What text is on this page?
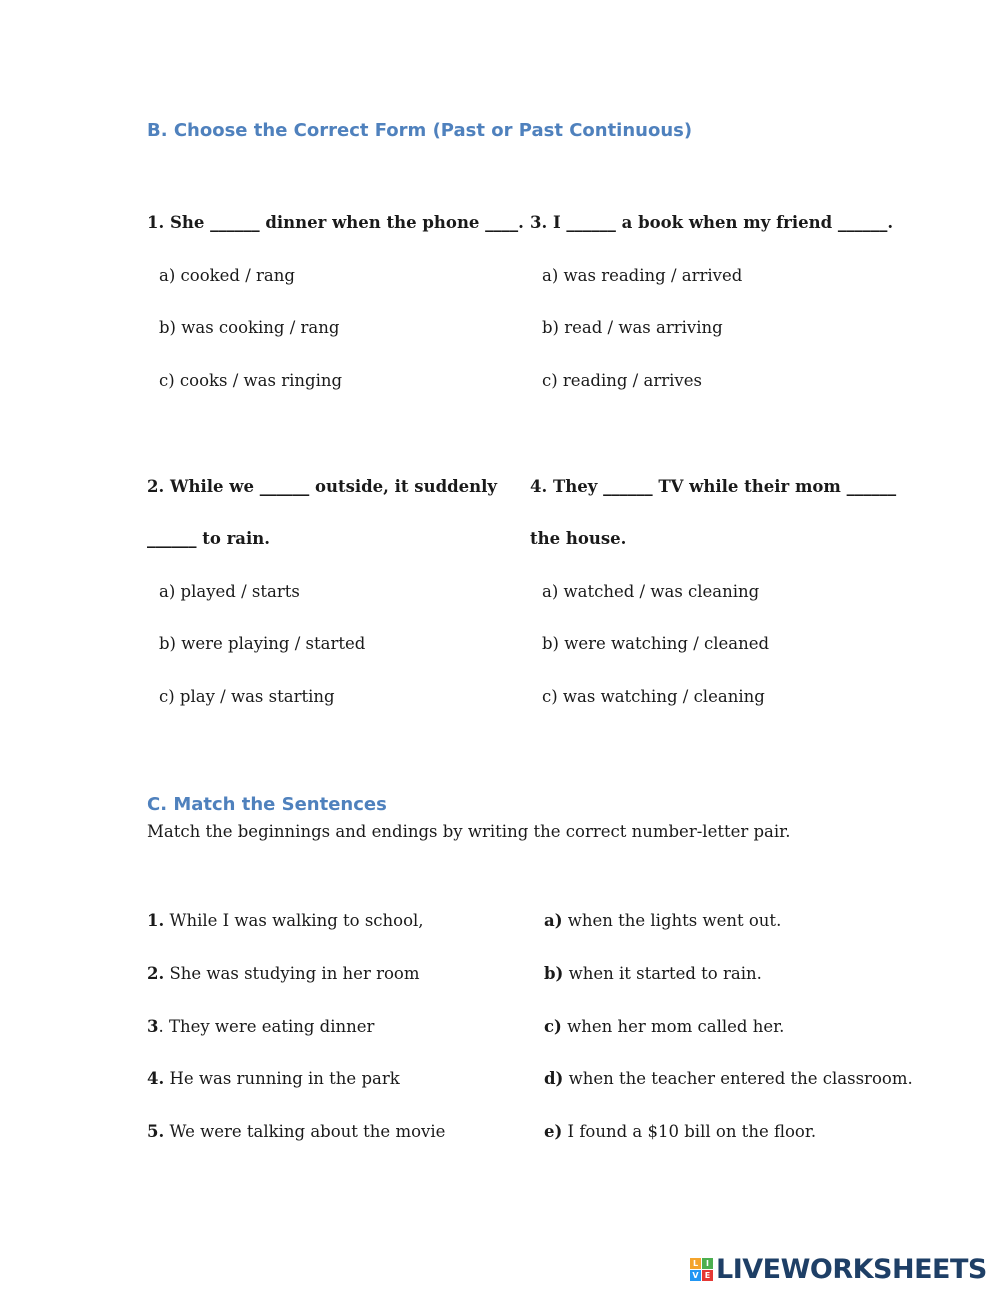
B. Choose the Correct Form (Past or Past Continuous)
1. She ______ dinner when the phone ____.
a) cooked / rang
b) was cooking / rang
c) cooks / was ringing
3. I ______ a book when my friend ______.
a) was reading / arrived
b) read / was arriving
c) reading / arrives
2. While we ______ outside, it suddenly
______ to rain.
a) played / starts
b) were playing / started
c) play / was starting
4. They ______ TV while their mom ______
the house.
a) watched / was cleaning
b) were watching / cleaned
c) was watching / cleaning
C. Match the Sentences
Match the beginnings and endings by writing the correct number-letter pair.
1. While I was walking to school,
2. She was studying in her room
3. They were eating dinner
4. He was running in the park
5. We were talking about the movie
a) when the lights went out.
b) when it started to rain.
c) when her mom called her.
d) when the teacher entered the classroom.
e) I found a $10 bill on the floor.
L I
V E LIVEWORKSHEETS
